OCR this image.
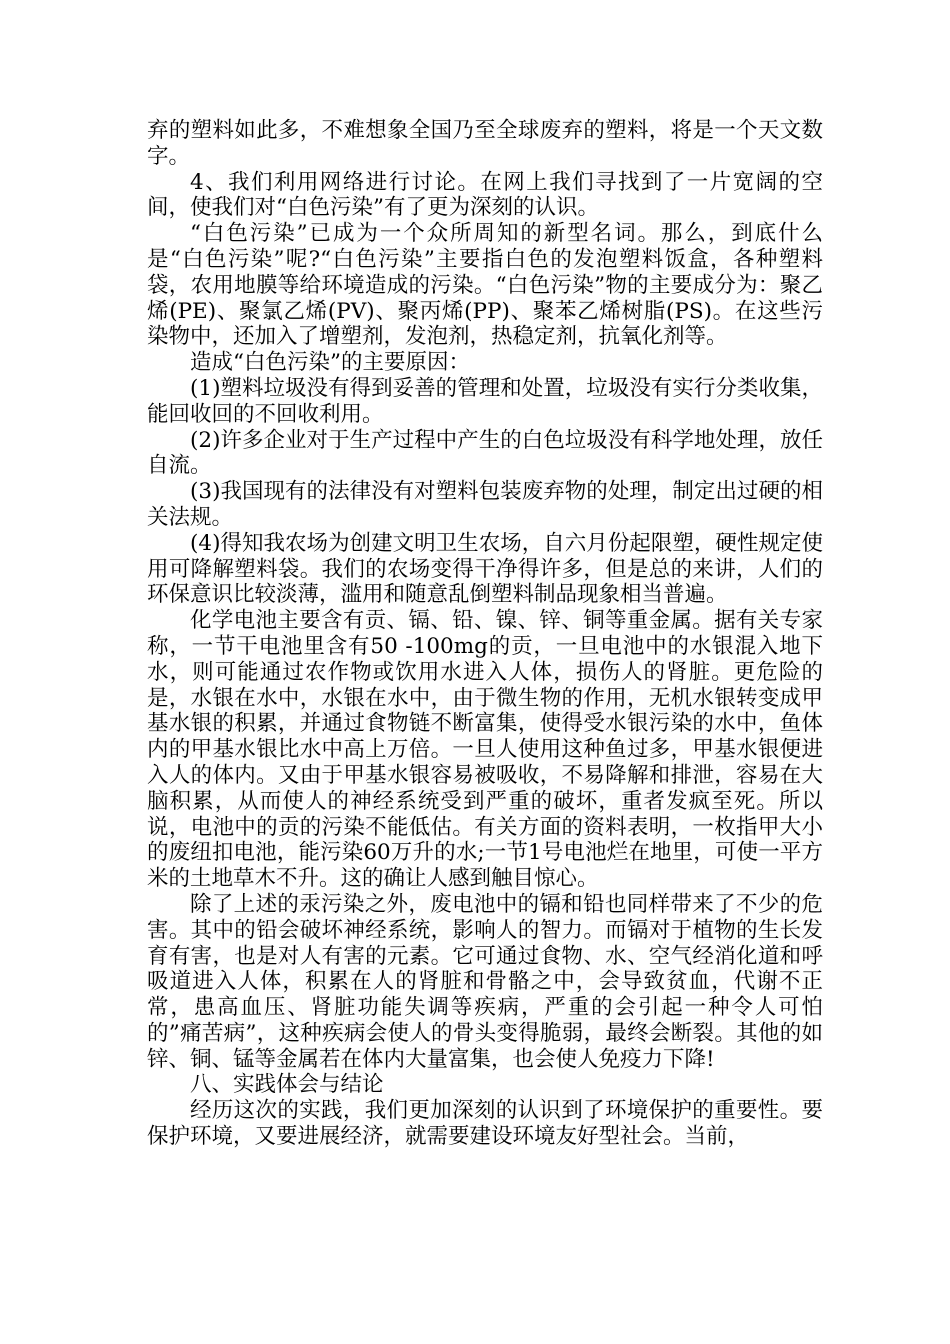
弃的塑料如此多，不难想象全国乃至全球废弃的塑料，将是一个天文数字。

4、我们利用网络进行讨论。在网上我们寻找到了一片宽阔的空间，使我们对“白色污染”有了更为深刻的认识。

“白色污染”已成为一个众所周知的新型名词。那么，到底什么是“白色污染”呢?“白色污染”主要指白色的发泡塑料饭盒，各种塑料袋，农用地膜等给环境造成的污染。“白色污染”物的主要成分为：聚乙烯(PE)、聚氯乙烯(PV)、聚丙烯(PP)、聚苯乙烯树脂(PS)。在这些污染物中，还加入了增塑剂，发泡剂，热稳定剂，抗氧化剂等。

造成“白色污染”的主要原因：

(1)塑料垃圾没有得到妥善的管理和处置，垃圾没有实行分类收集，能回收回的不回收利用。

(2)许多企业对于生产过程中产生的白色垃圾没有科学地处理，放任自流。

(3)我国现有的法律没有对塑料包装废弃物的处理，制定出过硬的相关法规。

(4)得知我农场为创建文明卫生农场，自六月份起限塑，硬性规定使用可降解塑料袋。我们的农场变得干净得许多，但是总的来讲，人们的环保意识比较淡薄，滥用和随意乱倒塑料制品现象相当普遍。

化学电池主要含有贡、镉、铅、镍、锌、铜等重金属。据有关专家称，一节干电池里含有50 -100mg的贡，一旦电池中的水银混入地下水，则可能通过农作物或饮用水进入人体，损伤人的肾脏。更危险的是，水银在水中，水银在水中，由于微生物的作用，无机水银转变成甲基水银的积累，并通过食物链不断富集，使得受水银污染的水中，鱼体内的甲基水银比水中高上万倍。一旦人使用这种鱼过多，甲基水银便进入人的体内。又由于甲基水银容易被吸收，不易降解和排泄，容易在大脑积累，从而使人的神经系统受到严重的破坏，重者发疯至死。所以说，电池中的贡的污染不能低估。有关方面的资料表明，一枚指甲大小的废纽扣电池，能污染60万升的水;一节1号电池烂在地里，可使一平方米的土地草木不升。这的确让人感到触目惊心。

除了上述的汞污染之外，废电池中的镉和铅也同样带来了不少的危害。其中的铅会破坏神经系统，影响人的智力。而镉对于植物的生长发育有害，也是对人有害的元素。它可通过食物、水、空气经消化道和呼吸道进入人体，积累在人的肾脏和骨骼之中，会导致贫血，代谢不正常，患高血压、肾脏功能失调等疾病，严重的会引起一种令人可怕的”痛苦病”，这种疾病会使人的骨头变得脆弱，最终会断裂。其他的如锌、铜、锰等金属若在体内大量富集，也会使人免疫力下降!

八、实践体会与结论

经历这次的实践，我们更加深刻的认识到了环境保护的重要性。要保护环境，又要进展经济，就需要建设环境友好型社会。当前，
